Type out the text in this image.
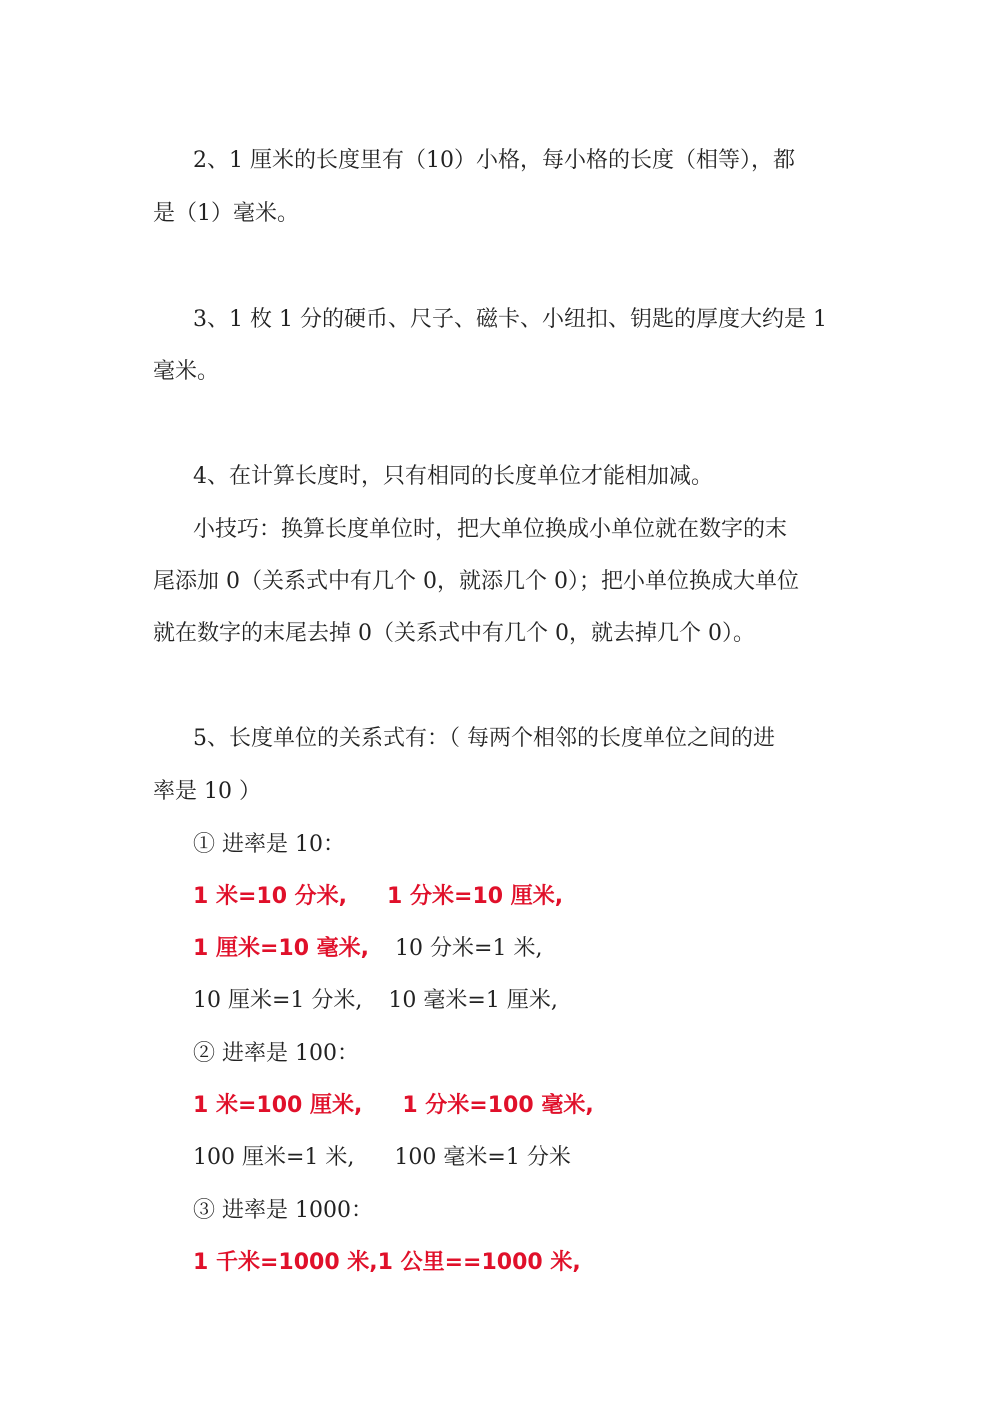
2、1 厘米的长度里有（10）小格，每小格的长度（相等），都
是（1）毫米。
3、1 枚 1 分的硬币、尺子、磁卡、小纽扣、钥匙的厚度大约是 1
毫米。
4、在计算长度时，只有相同的长度单位才能相加减。
小技巧：换算长度单位时，把大单位换成小单位就在数字的末
尾添加 0（关系式中有几个 0，就添几个 0）；把小单位换成大单位
就在数字的末尾去掉 0（关系式中有几个 0，就去掉几个 0）。
5、长度单位的关系式有：（ 每两个相邻的长度单位之间的进
率是 10 ）
① 进率是 10：
1 米=10 分米, 1 分米=10 厘米,
1 厘米=10 毫米, 10 分米=1 米,
10 厘米=1 分米, 10 毫米=1 厘米,
② 进率是 100：
1 米=100 厘米, 1 分米=100 毫米,
100 厘米=1 米, 100 毫米=1 分米
③ 进率是 1000：
1 千米=1000 米,1 公里==1000 米,
